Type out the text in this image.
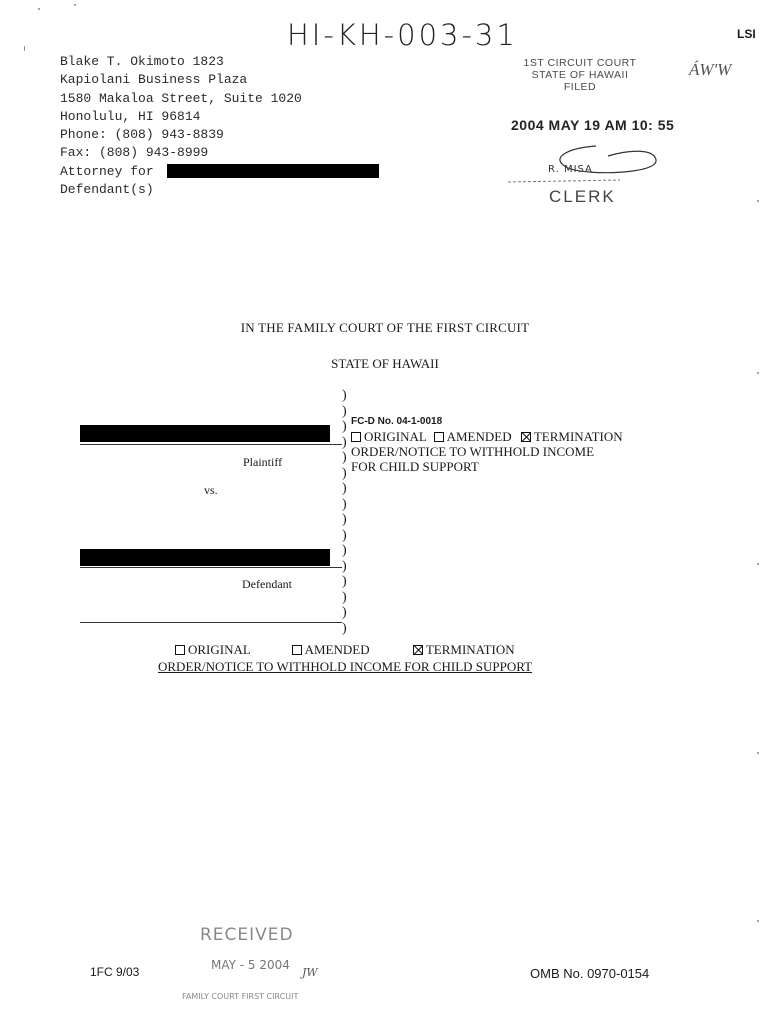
HI-KH-003-31	LSI
ÁW'W
Blake T. Okimoto 1823
Kapiolani Business Plaza
1580 Makaloa Street, Suite 1020
Honolulu, HI 96814
Phone: (808) 943-8839
Fax: (808) 943-8999
Attorney for
Defendant(s)
1ST CIRCUIT COURT
STATE OF HAWAII
FILED
2004 MAY 19 AM 10: 55
R. MISA
CLERK
IN THE FAMILY COURT OF THE FIRST CIRCUIT
STATE OF HAWAII
Plaintiff
vs.
Defendant
)
)
)
)
)
)
)
)
)
)
)
)
)
)
)
)
FC-D No. 04-1-0018
ORIGINAL AMENDED TERMINATION
ORDER/NOTICE TO WITHHOLD INCOME
FOR CHILD SUPPORT
ORIGINAL	AMENDED	TERMINATION
ORDER/NOTICE TO WITHHOLD INCOME FOR CHILD SUPPORT
1FC 9/03
RECEIVED
MAY - 5 2004
JW
FAMILY COURT FIRST CIRCUIT
OMB No. 0970-0154
